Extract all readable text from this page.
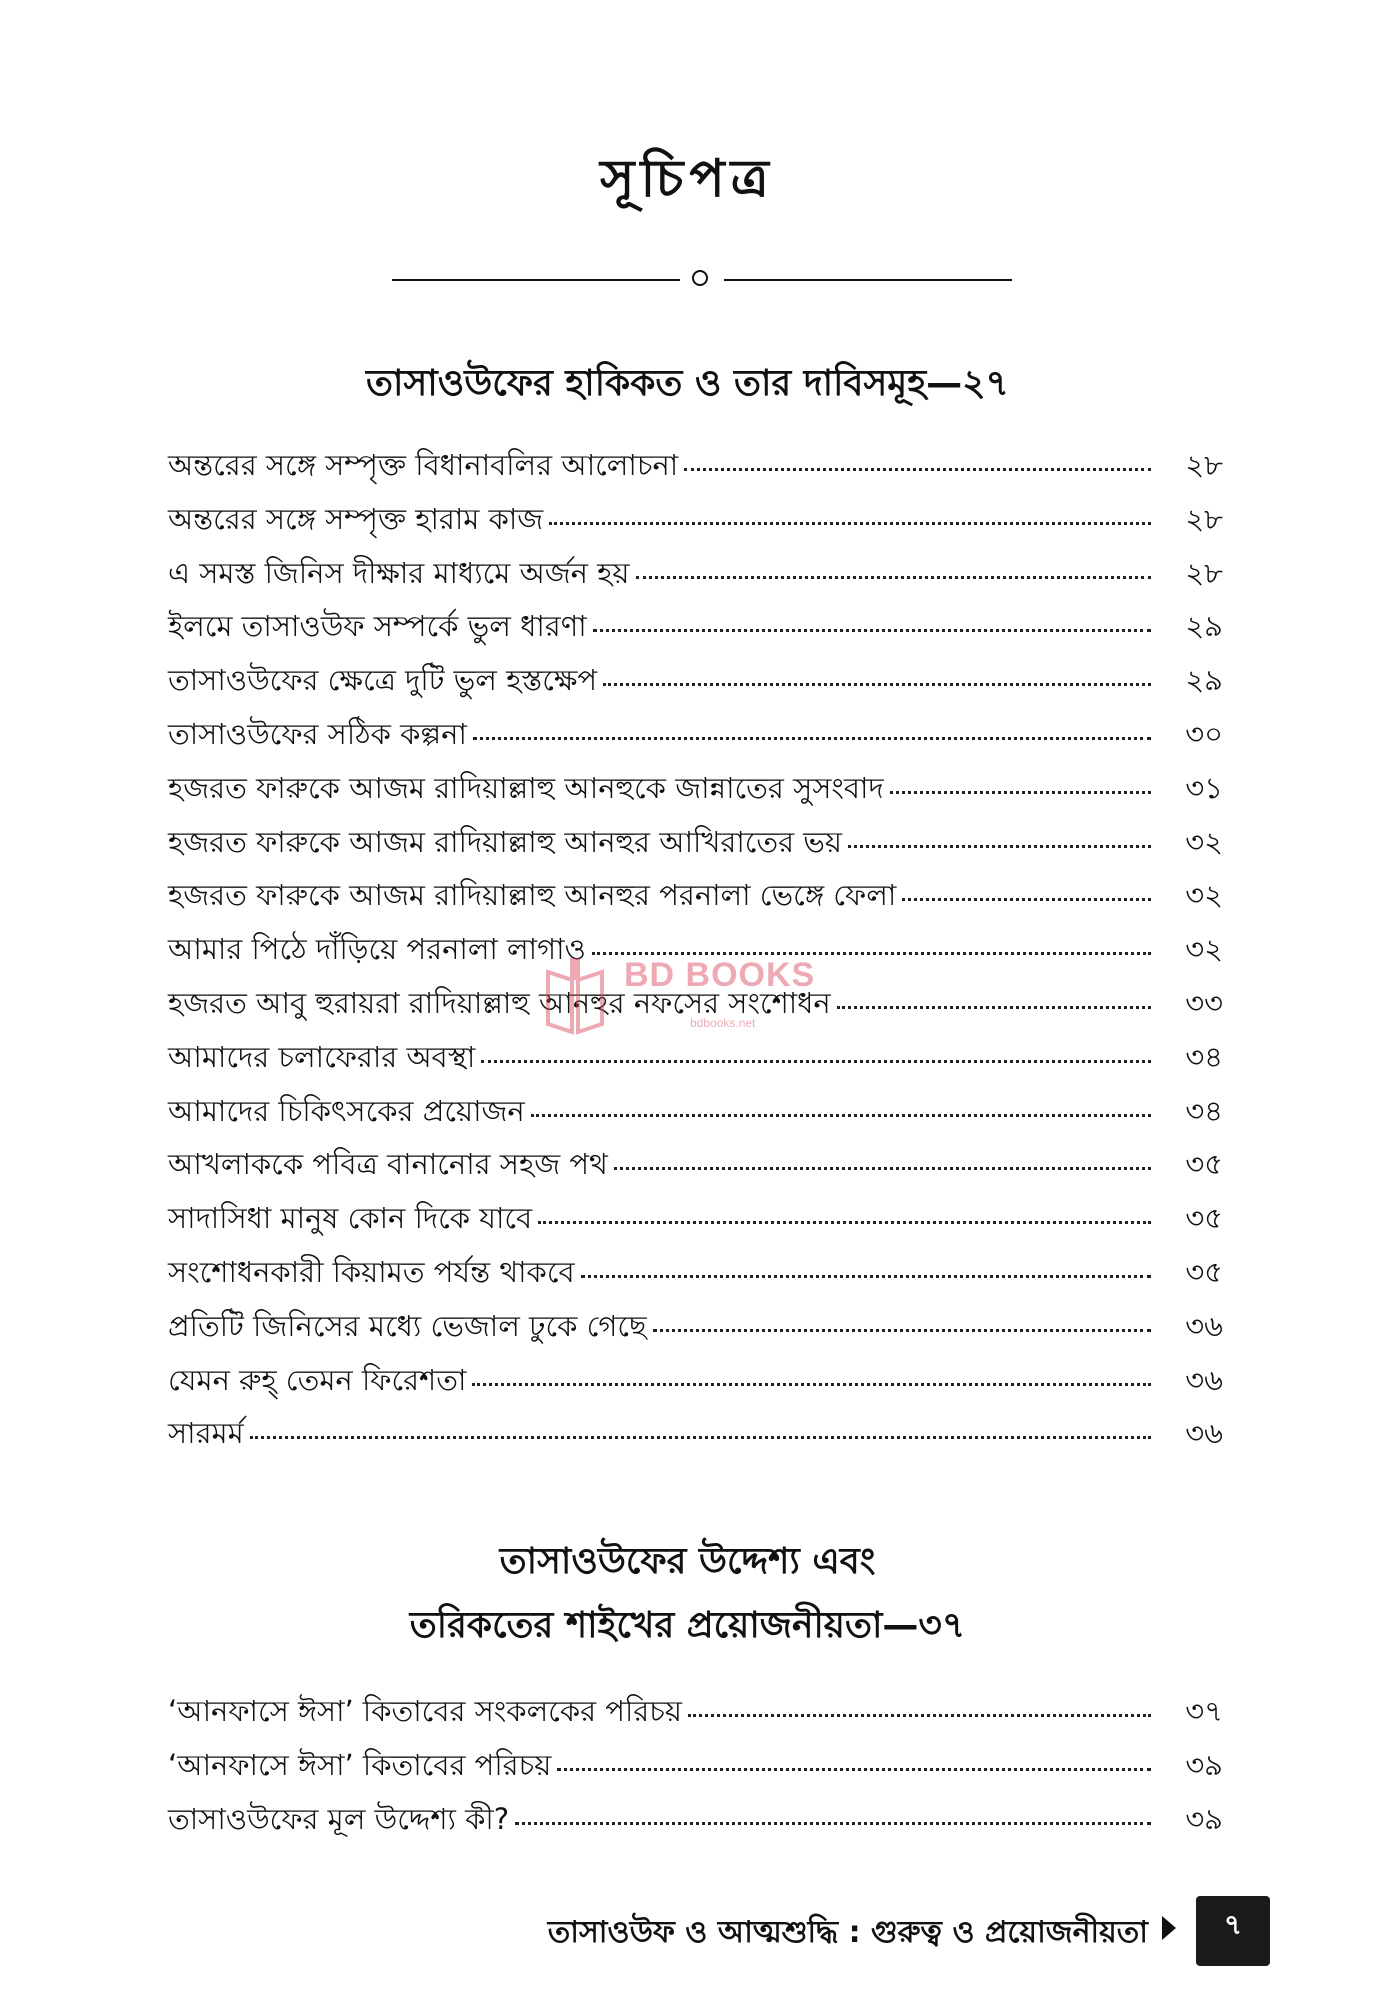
সূচিপত্র
তাসাওউফের হাকিকত ও তার দাবিসমূহ—২৭
অন্তরের সঙ্গে সম্পৃক্ত বিধানাবলির আলোচনা	২৮
অন্তরের সঙ্গে সম্পৃক্ত হারাম কাজ	২৮
এ সমস্ত জিনিস দীক্ষার মাধ্যমে অর্জন হয়	২৮
ইলমে তাসাওউফ সম্পর্কে ভুল ধারণা	২৯
তাসাওউফের ক্ষেত্রে দুটি ভুল হস্তক্ষেপ	২৯
তাসাওউফের সঠিক কল্পনা	৩০
হজরত ফারুকে আজম রাদিয়াল্লাহু আনহুকে জান্নাতের সুসংবাদ	৩১
হজরত ফারুকে আজম রাদিয়াল্লাহু আনহুর আখিরাতের ভয়	৩২
হজরত ফারুকে আজম রাদিয়াল্লাহু আনহুর পরনালা ভেঙ্গে ফেলা	৩২
আমার পিঠে দাঁড়িয়ে পরনালা লাগাও	৩২
হজরত আবু হুরায়রা রাদিয়াল্লাহু আনহুর নফসের সংশোধন	৩৩
আমাদের চলাফেরার অবস্থা	৩৪
আমাদের চিকিৎসকের প্রয়োজন	৩৪
আখলাককে পবিত্র বানানোর সহজ পথ	৩৫
সাদাসিধা মানুষ কোন দিকে যাবে	৩৫
সংশোধনকারী কিয়ামত পর্যন্ত থাকবে	৩৫
প্রতিটি জিনিসের মধ্যে ভেজাল ঢুকে গেছে	৩৬
যেমন রুহ্ তেমন ফিরেশতা	৩৬
সারমর্ম	৩৬
তাসাওউফের উদ্দেশ্য এবং
তরিকতের শাইখের প্রয়োজনীয়তা—৩৭
‘আনফাসে ঈসা’ কিতাবের সংকলকের পরিচয়	৩৭
‘আনফাসে ঈসা’ কিতাবের পরিচয়	৩৯
তাসাওউফের মূল উদ্দেশ্য কী?	৩৯
BD BOOKS
bdbooks.net
তাসাওউফ ও আত্মশুদ্ধি : গুরুত্ব ও প্রয়োজনীয়তা	৭
